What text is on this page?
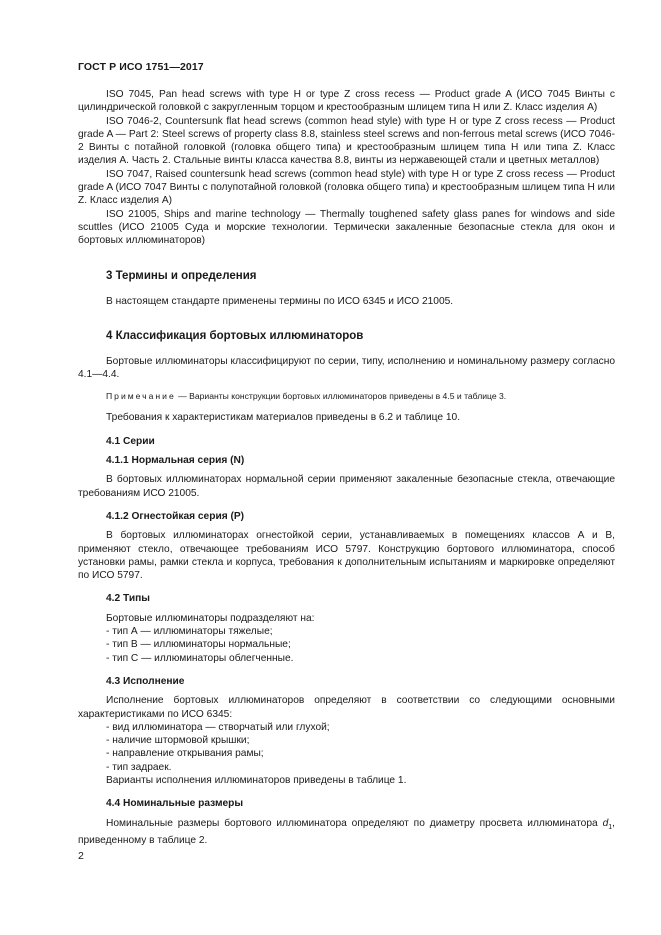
ГОСТ Р ИСО 1751—2017

ISO 7045, Pan head screws with type H or type Z cross recess — Product grade A (ИСО 7045 Винты с цилиндрической головкой с закругленным торцом и крестообразным шлицем типа H или Z. Класс изделия А)

ISO 7046-2, Countersunk flat head screws (common head style) with type H or type Z cross recess — Product grade A — Part 2: Steel screws of property class 8.8, stainless steel screws and non-ferrous metal screws (ИСО 7046-2 Винты с потайной головкой (головка общего типа) и крестообразным шлицем типа H или типа Z. Класс изделия А. Часть 2. Стальные винты класса качества 8.8, винты из нержавеющей стали и цветных металлов)

ISO 7047, Raised countersunk head screws (common head style) with type H or type Z cross recess — Product grade A (ИСО 7047 Винты с полупотайной головкой (головка общего типа) и крестообразным шлицем типа H или Z. Класс изделия А)

ISO 21005, Ships and marine technology — Thermally toughened safety glass panes for windows and side scuttles (ИСО 21005 Суда и морские технологии. Термически закаленные безопасные стекла для окон и бортовых иллюминаторов)

3 Термины и определения

В настоящем стандарте применены термины по ИСО 6345 и ИСО 21005.

4 Классификация бортовых иллюминаторов

Бортовые иллюминаторы классифицируют по серии, типу, исполнению и номинальному размеру согласно 4.1—4.4.

Примечание — Варианты конструкции бортовых иллюминаторов приведены в 4.5 и таблице 3.

Требования к характеристикам материалов приведены в 6.2 и таблице 10.

4.1 Серии
4.1.1 Нормальная серия (N)

В бортовых иллюминаторах нормальной серии применяют закаленные безопасные стекла, отвечающие требованиям ИСО 21005.

4.1.2 Огнестойкая серия (P)

В бортовых иллюминаторах огнестойкой серии, устанавливаемых в помещениях классов А и В, применяют стекло, отвечающее требованиям ИСО 5797. Конструкцию бортового иллюминатора, способ установки рамы, рамки стекла и корпуса, требования к дополнительным испытаниям и маркировке определяют по ИСО 5797.

4.2 Типы

Бортовые иллюминаторы подразделяют на:

- тип А — иллюминаторы тяжелые;

- тип В — иллюминаторы нормальные;

- тип С — иллюминаторы облегченные.

4.3 Исполнение

Исполнение бортовых иллюминаторов определяют в соответствии со следующими основными характеристиками по ИСО 6345:

- вид иллюминатора — створчатый или глухой;

- наличие штормовой крышки;

- направление открывания рамы;

- тип задраек.

Варианты исполнения иллюминаторов приведены в таблице 1.

4.4 Номинальные размеры

Номинальные размеры бортового иллюминатора определяют по диаметру просвета иллюминатора $d_1$, приведенному в таблице 2.

2
